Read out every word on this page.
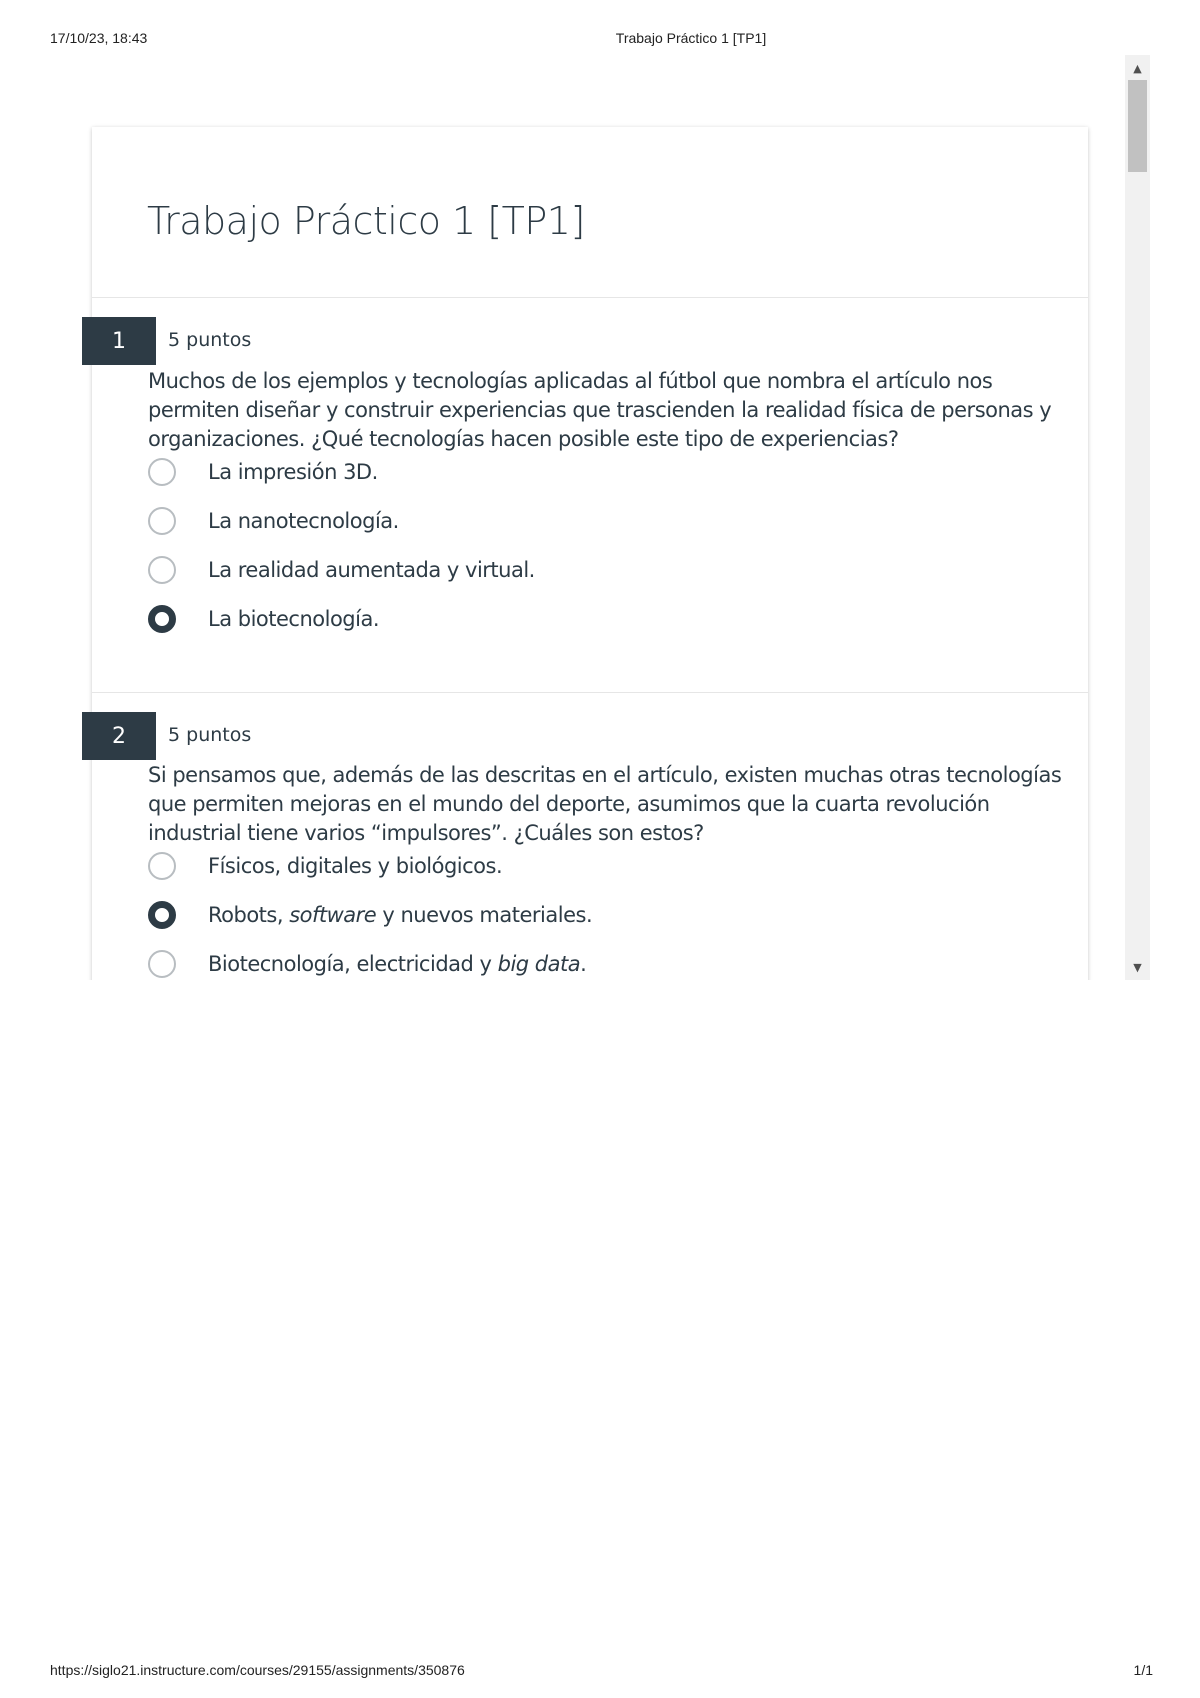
17/10/23, 18:43	Trabajo Práctico 1 [TP1]
Trabajo Práctico 1 [TP1]
1	5 puntos
Muchos de los ejemplos y tecnologías aplicadas al fútbol que nombra el artículo nos permiten diseñar y construir experiencias que trascienden la realidad física de personas y organizaciones. ¿Qué tecnologías hacen posible este tipo de experiencias?
La impresión 3D.
La nanotecnología.
La realidad aumentada y virtual.
La biotecnología.
2	5 puntos
Si pensamos que, además de las descritas en el artículo, existen muchas otras tecnologías que permiten mejoras en el mundo del deporte, asumimos que la cuarta revolución industrial tiene varios “impulsores”. ¿Cuáles son estos?
Físicos, digitales y biológicos.
Robots, software y nuevos materiales.
Biotecnología, electricidad y big data.
▲
▼
https://siglo21.instructure.com/courses/29155/assignments/350876	1/1
